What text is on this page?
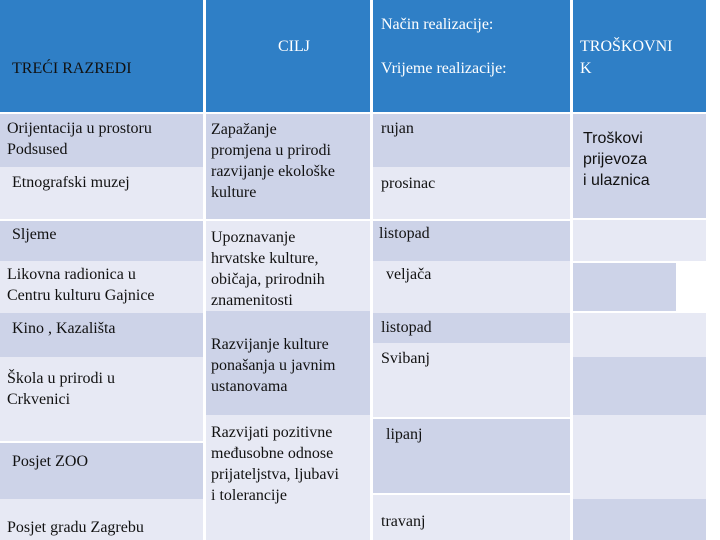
TREĆI RAZREDI
CILJ
Način realizacije:
Vrijeme realizacije:
TROŠKOVNI
K
Orijentacija u prostoru
Podsused
Etnografski muzej
Sljeme
Likovna radionica u
Centru kulturu Gajnice
Kino , Kazališta
Škola u prirodi u
Crkvenici
Posjet ZOO
Posjet gradu Zagrebu
Zapažanje
promjena u prirodi
razvijanje ekološke
kulture
Upoznavanje
hrvatske kulture,
običaja, prirodnih
znamenitosti
Razvijanje kulture
ponašanja u javnim
ustanovama
Razvijati pozitivne
međusobne odnose
prijateljstva, ljubavi
i tolerancije
rujan
prosinac
listopad
veljača
listopad
Svibanj
lipanj
travanj
Troškovi
prijevoza
i ulaznica
